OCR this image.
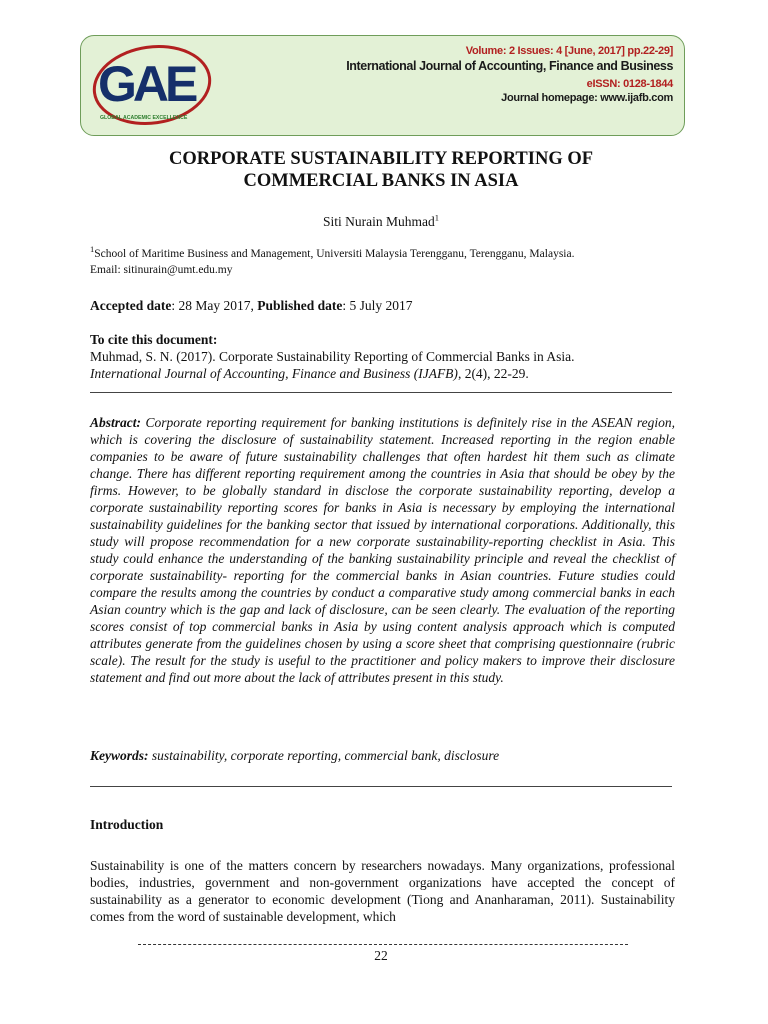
GAE
GLOBAL ACADEMIC EXCELLENCE
Volume: 2 Issues: 4 [June, 2017] pp.22-29]
International Journal of Accounting, Finance and Business
eISSN: 0128-1844
Journal homepage: www.ijafb.com
CORPORATE SUSTAINABILITY REPORTING OF
COMMERCIAL BANKS IN ASIA
Siti Nurain Muhmad$^1$
$^1$School of Maritime Business and Management, Universiti Malaysia Terengganu, Terengganu, Malaysia.
Email: sitinurain@umt.edu.my
Accepted date: 28 May 2017, Published date: 5 July 2017
To cite this document:
Muhmad, S. N. (2017). Corporate Sustainability Reporting of Commercial Banks in Asia.
International Journal of Accounting, Finance and Business (IJAFB), 2(4), 22-29.
Abstract: Corporate reporting requirement for banking institutions is definitely rise in the ASEAN region, which is covering the disclosure of sustainability statement. Increased reporting in the region enable companies to be aware of future sustainability challenges that often hardest hit them such as climate change. There has different reporting requirement among the countries in Asia that should be obey by the firms. However, to be globally standard in disclose the corporate sustainability reporting, develop a corporate sustainability reporting scores for banks in Asia is necessary by employing the international sustainability guidelines for the banking sector that issued by international corporations. Additionally, this study will propose recommendation for a new corporate sustainability-reporting checklist in Asia. This study could enhance the understanding of the banking sustainability principle and reveal the checklist of corporate sustainability- reporting for the commercial banks in Asian countries. Future studies could compare the results among the countries by conduct a comparative study among commercial banks in each Asian country which is the gap and lack of disclosure, can be seen clearly. The evaluation of the reporting scores consist of top commercial banks in Asia by using content analysis approach which is computed attributes generate from the guidelines chosen by using a score sheet that comprising questionnaire (rubric scale). The result for the study is useful to the practitioner and policy makers to improve their disclosure statement and find out more about the lack of attributes present in this study.
Keywords: sustainability, corporate reporting, commercial bank, disclosure
Introduction
Sustainability is one of the matters concern by researchers nowadays. Many organizations, professional bodies, industries, government and non-government organizations have accepted the concept of sustainability as a generator to economic development (Tiong and Ananharaman, 2011). Sustainability comes from the word of sustainable development, which
22
